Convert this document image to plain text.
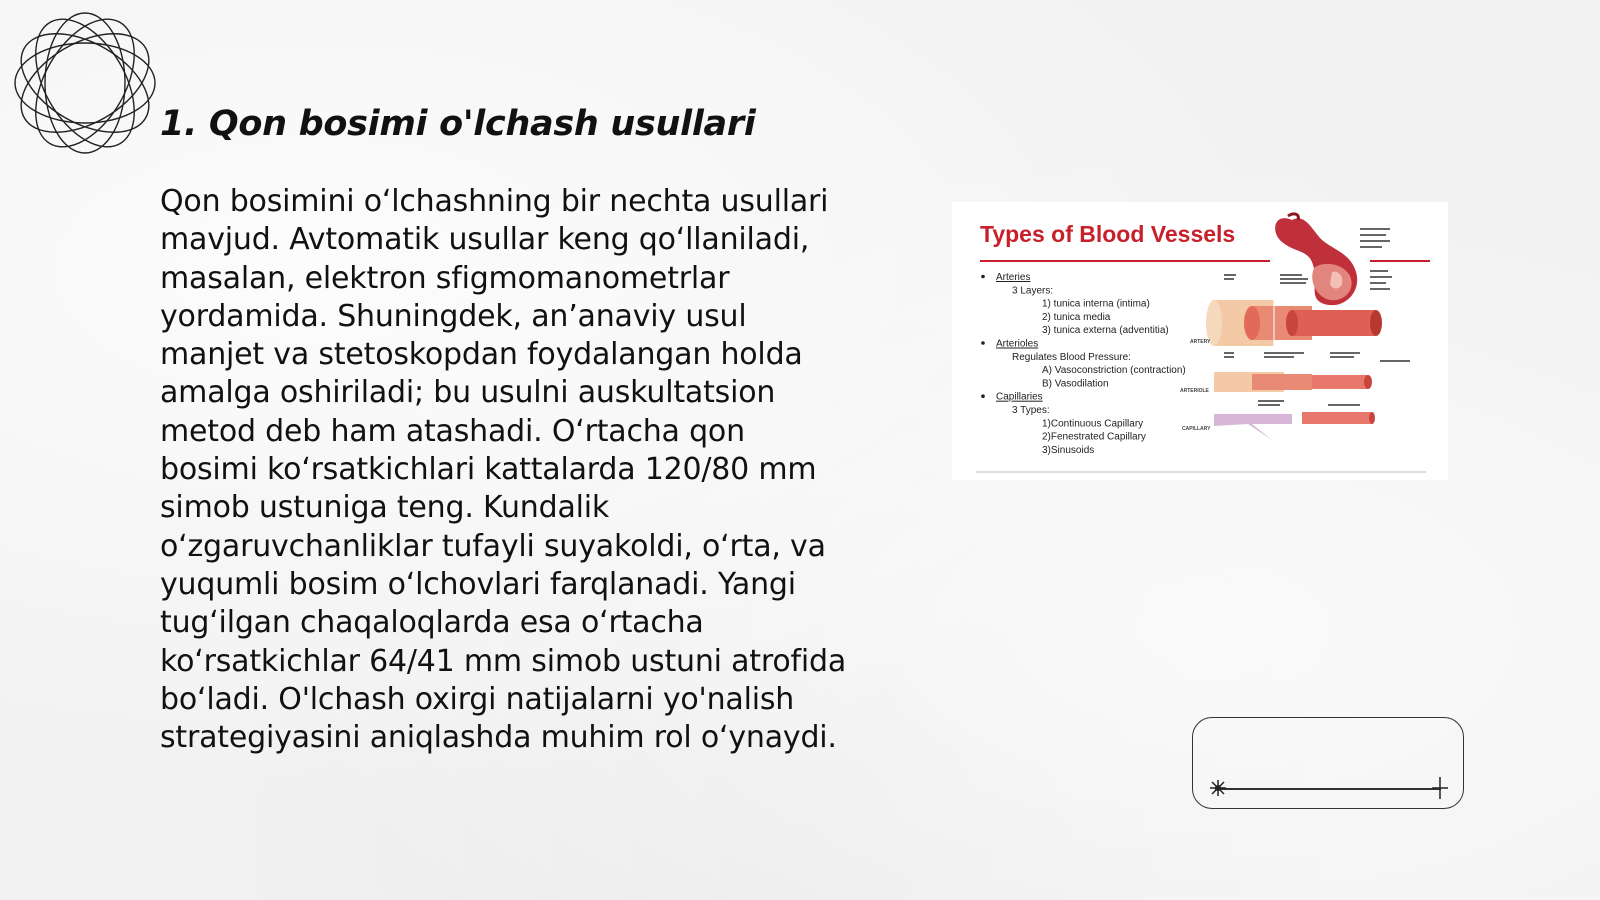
1. Qon bosimi o'lchash usullari

Qon bosimini o‘lchashning bir nechta usullari mavjud. Avtomatik usullar keng qo‘llaniladi, masalan, elektron sfigmomanometrlar yordamida. Shuningdek, an’anaviy usul manjet va stetoskopdan foydalangan holda amalga oshiriladi; bu usulni auskultatsion metod deb ham atashadi. O‘rtacha qon bosimi ko‘rsatkichlari kattalarda 120/80 mm simob ustuniga teng. Kundalik o‘zgaruvchanliklar tufayli suyakoldi, o‘rta, va yuqumli bosim o‘lchovlari farqlanadi. Yangi tug‘ilgan chaqaloqlarda esa o‘rtacha ko‘rsatkichlar 64/41 mm simob ustuni atrofida bo‘ladi. O'lchash oxirgi natijalarni yo'nalish strategiyasini aniqlashda muhim rol o‘ynaydi.

Types of Blood Vessels
Arteries
3 Layers:
1) tunica interna (intima)
2) tunica media
3) tunica externa (adventitia)
Arterioles
Regulates Blood Pressure:
A) Vasoconstriction (contraction)
B) Vasodilation
Capillaries
3 Types:
1)Continuous Capillary
2)Fenestrated Capillary
3)Sinusoids
ARTERY
ARTERIOLE
CAPILLARY
